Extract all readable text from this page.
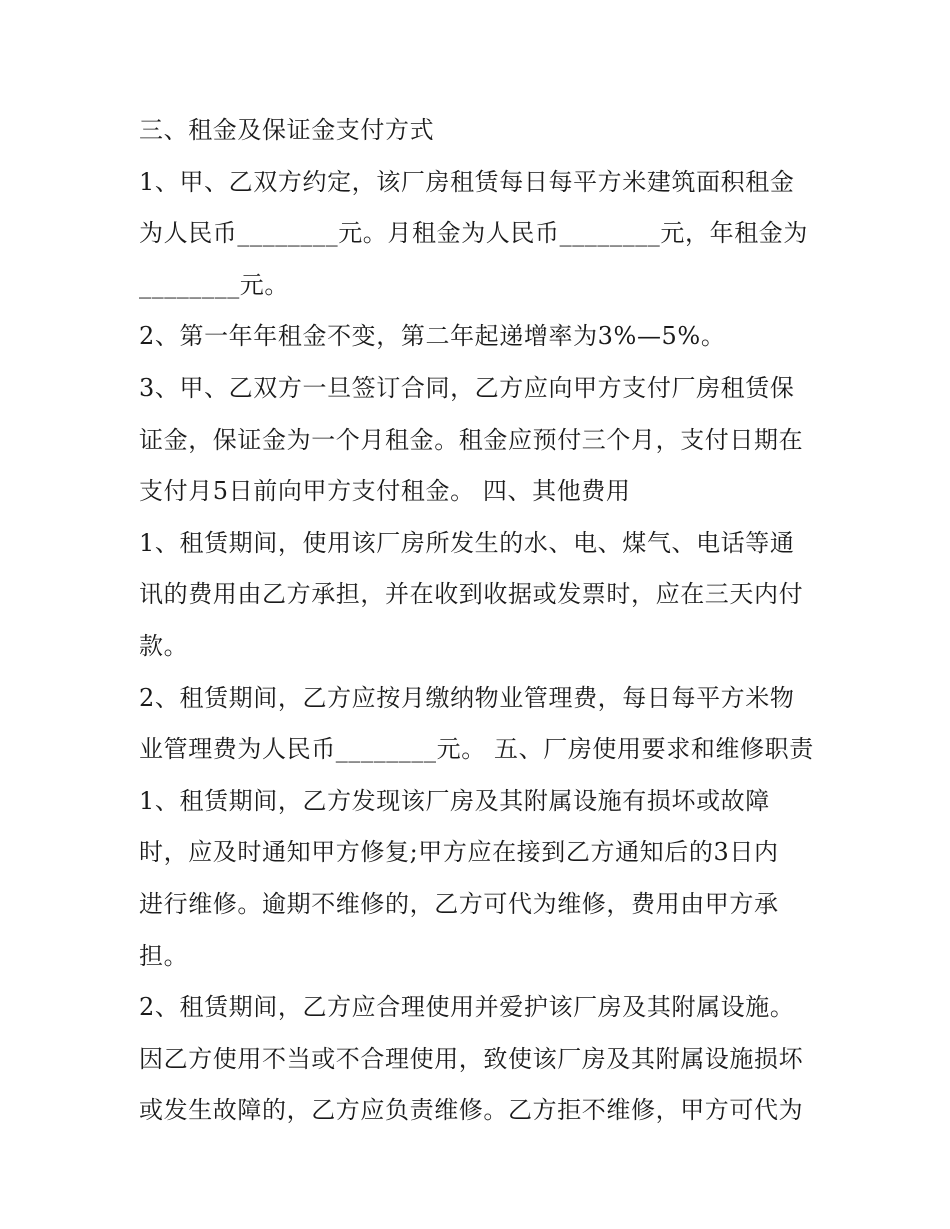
三、租金及保证金支付方式
1、甲、乙双方约定，该厂房租赁每日每平方米建筑面积租金
为人民币________元。月租金为人民币________元，年租金为
________元。
2、第一年年租金不变，第二年起递增率为3%—5%。
3、甲、乙双方一旦签订合同，乙方应向甲方支付厂房租赁保
证金，保证金为一个月租金。租金应预付三个月，支付日期在
支付月5日前向甲方支付租金。 四、其他费用
1、租赁期间，使用该厂房所发生的水、电、煤气、电话等通
讯的费用由乙方承担，并在收到收据或发票时，应在三天内付
款。
2、租赁期间，乙方应按月缴纳物业管理费，每日每平方米物
业管理费为人民币________元。 五、厂房使用要求和维修职责
1、租赁期间，乙方发现该厂房及其附属设施有损坏或故障
时，应及时通知甲方修复;甲方应在接到乙方通知后的3日内
进行维修。逾期不维修的，乙方可代为维修，费用由甲方承
担。
2、租赁期间，乙方应合理使用并爱护该厂房及其附属设施。
因乙方使用不当或不合理使用，致使该厂房及其附属设施损坏
或发生故障的，乙方应负责维修。乙方拒不维修，甲方可代为
